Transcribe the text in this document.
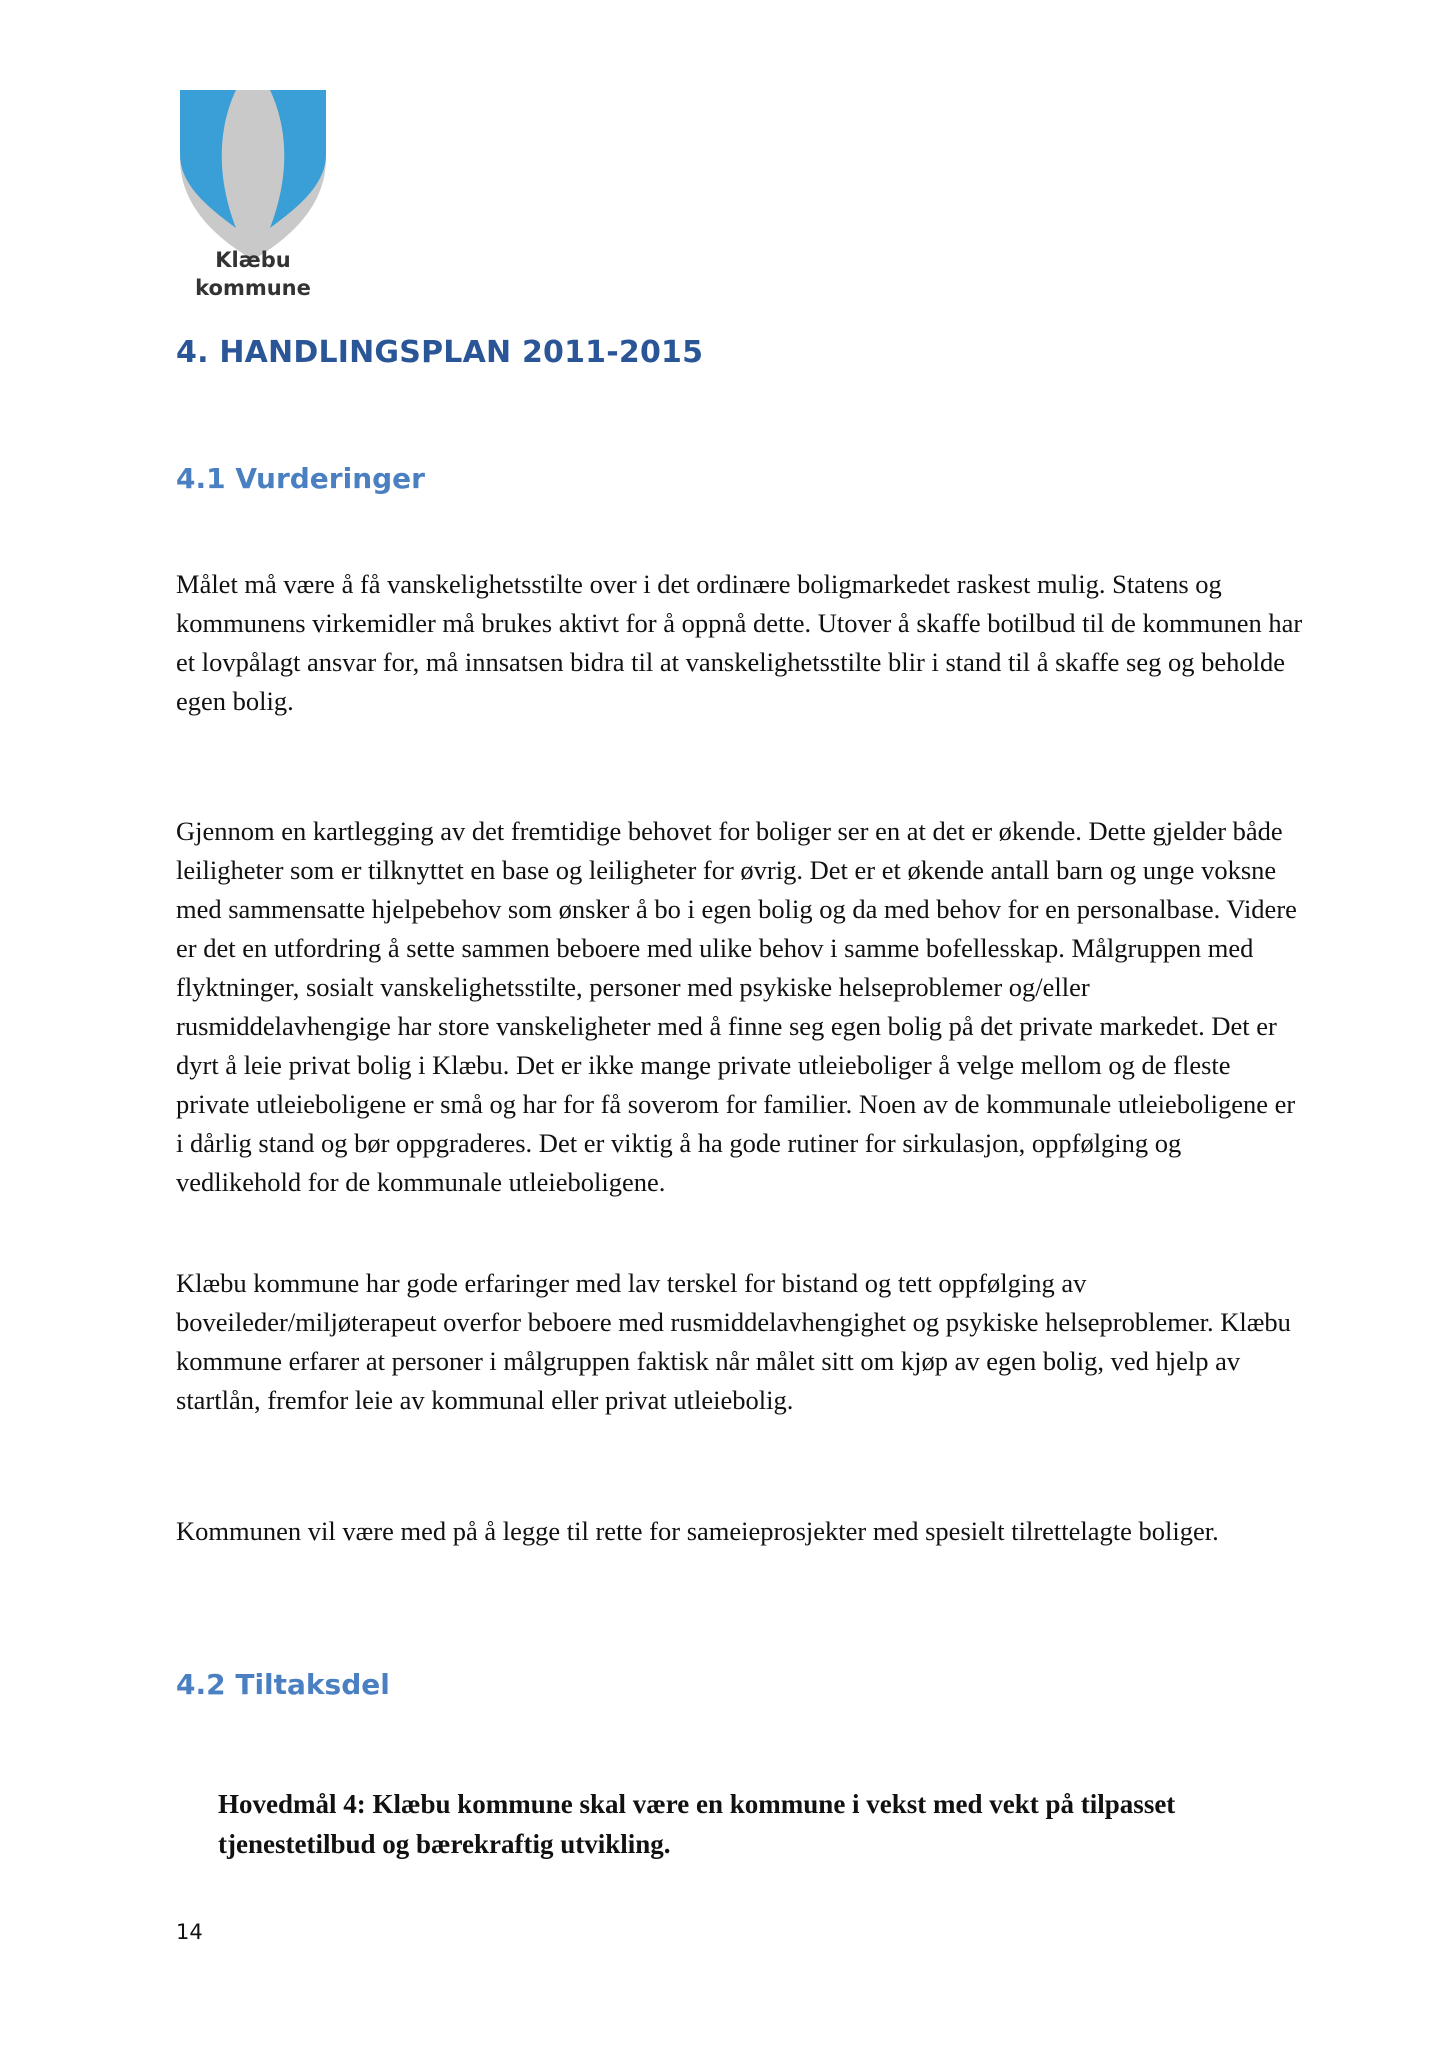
Klæbu
kommune
4. HANDLINGSPLAN 2011-2015
4.1 Vurderinger

Målet må være å få vanskelighetsstilte over i det ordinære boligmarkedet raskest mulig. Statens og kommunens virkemidler må brukes aktivt for å oppnå dette. Utover å skaffe botilbud til de kommunen har et lovpålagt ansvar for, må innsatsen bidra til at vanskelighetsstilte blir i stand til å skaffe seg og beholde egen bolig.

Gjennom en kartlegging av det fremtidige behovet for boliger ser en at det er økende. Dette gjelder både leiligheter som er tilknyttet en base og leiligheter for øvrig. Det er et økende antall barn og unge voksne med sammensatte hjelpebehov som ønsker å bo i egen bolig og da med behov for en personalbase. Videre er det en utfordring å sette sammen beboere med ulike behov i samme bofellesskap. Målgruppen med flyktninger, sosialt vanskelighetsstilte, personer med psykiske helseproblemer og/eller rusmiddelavhengige har store vanskeligheter med å finne seg egen bolig på det private markedet. Det er dyrt å leie privat bolig i Klæbu. Det er ikke mange private utleieboliger å velge mellom og de fleste private utleieboligene er små og har for få soverom for familier. Noen av de kommunale utleieboligene er i dårlig stand og bør oppgraderes. Det er viktig å ha gode rutiner for sirkulasjon, oppfølging og vedlikehold for de kommunale utleieboligene.

Klæbu kommune har gode erfaringer med lav terskel for bistand og tett oppfølging av boveileder/miljøterapeut overfor beboere med rusmiddelavhengighet og psykiske helseproblemer. Klæbu kommune erfarer at personer i målgruppen faktisk når målet sitt om kjøp av egen bolig, ved hjelp av startlån, fremfor leie av kommunal eller privat utleiebolig.

Kommunen vil være med på å legge til rette for sameieprosjekter med spesielt tilrettelagte boliger.

4.2 Tiltaksdel

Hovedmål 4: Klæbu kommune skal være en kommune i vekst med vekt på tilpasset tjenestetilbud og bærekraftig utvikling.

14
